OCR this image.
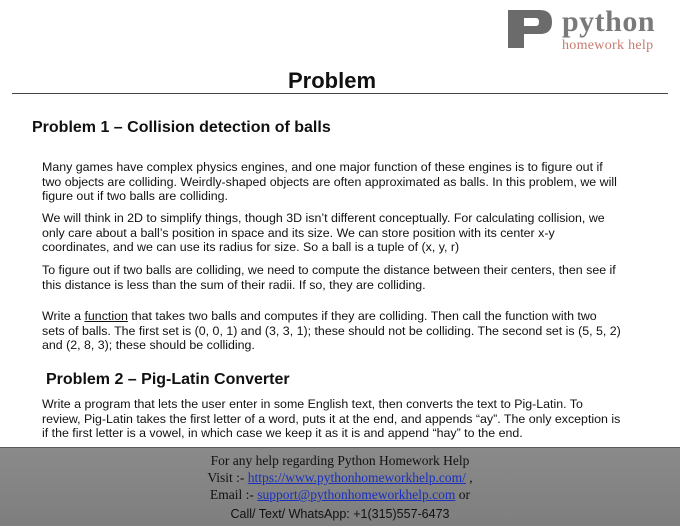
python
homework help
Problem
Problem 1 – Collision detection of balls

Many games have complex physics engines, and one major function of these engines is to figure out if two objects are colliding. Weirdly-shaped objects are often approximated as balls. In this problem, we will figure out if two balls are colliding.

We will think in 2D to simplify things, though 3D isn’t different conceptually. For calculating collision, we only care about a ball’s position in space and its size. We can store position with its center x-y coordinates, and we can use its radius for size. So a ball is a tuple of (x, y, r)

To figure out if two balls are colliding, we need to compute the distance between their centers, then see if this distance is less than the sum of their radii. If so, they are colliding.

Write a function that takes two balls and computes if they are colliding. Then call the function with two sets of balls. The first set is (0, 0, 1) and (3, 3, 1); these should not be colliding. The second set is (5, 5, 2) and (2, 8, 3); these should be colliding.

Problem 2 – Pig-Latin Converter

Write a program that lets the user enter in some English text, then converts the text to Pig-Latin. To review, Pig-Latin takes the first letter of a word, puts it at the end, and appends “ay”. The only exception is if the first letter is a vowel, in which case we keep it as it is and append “hay” to the end.

For any help regarding Python Homework Help
Visit :- https://www.pythonhomeworkhelp.com/ ,
Email :- support@pythonhomeworkhelp.com or
Call/ Text/ WhatsApp: +1(315)557-6473
